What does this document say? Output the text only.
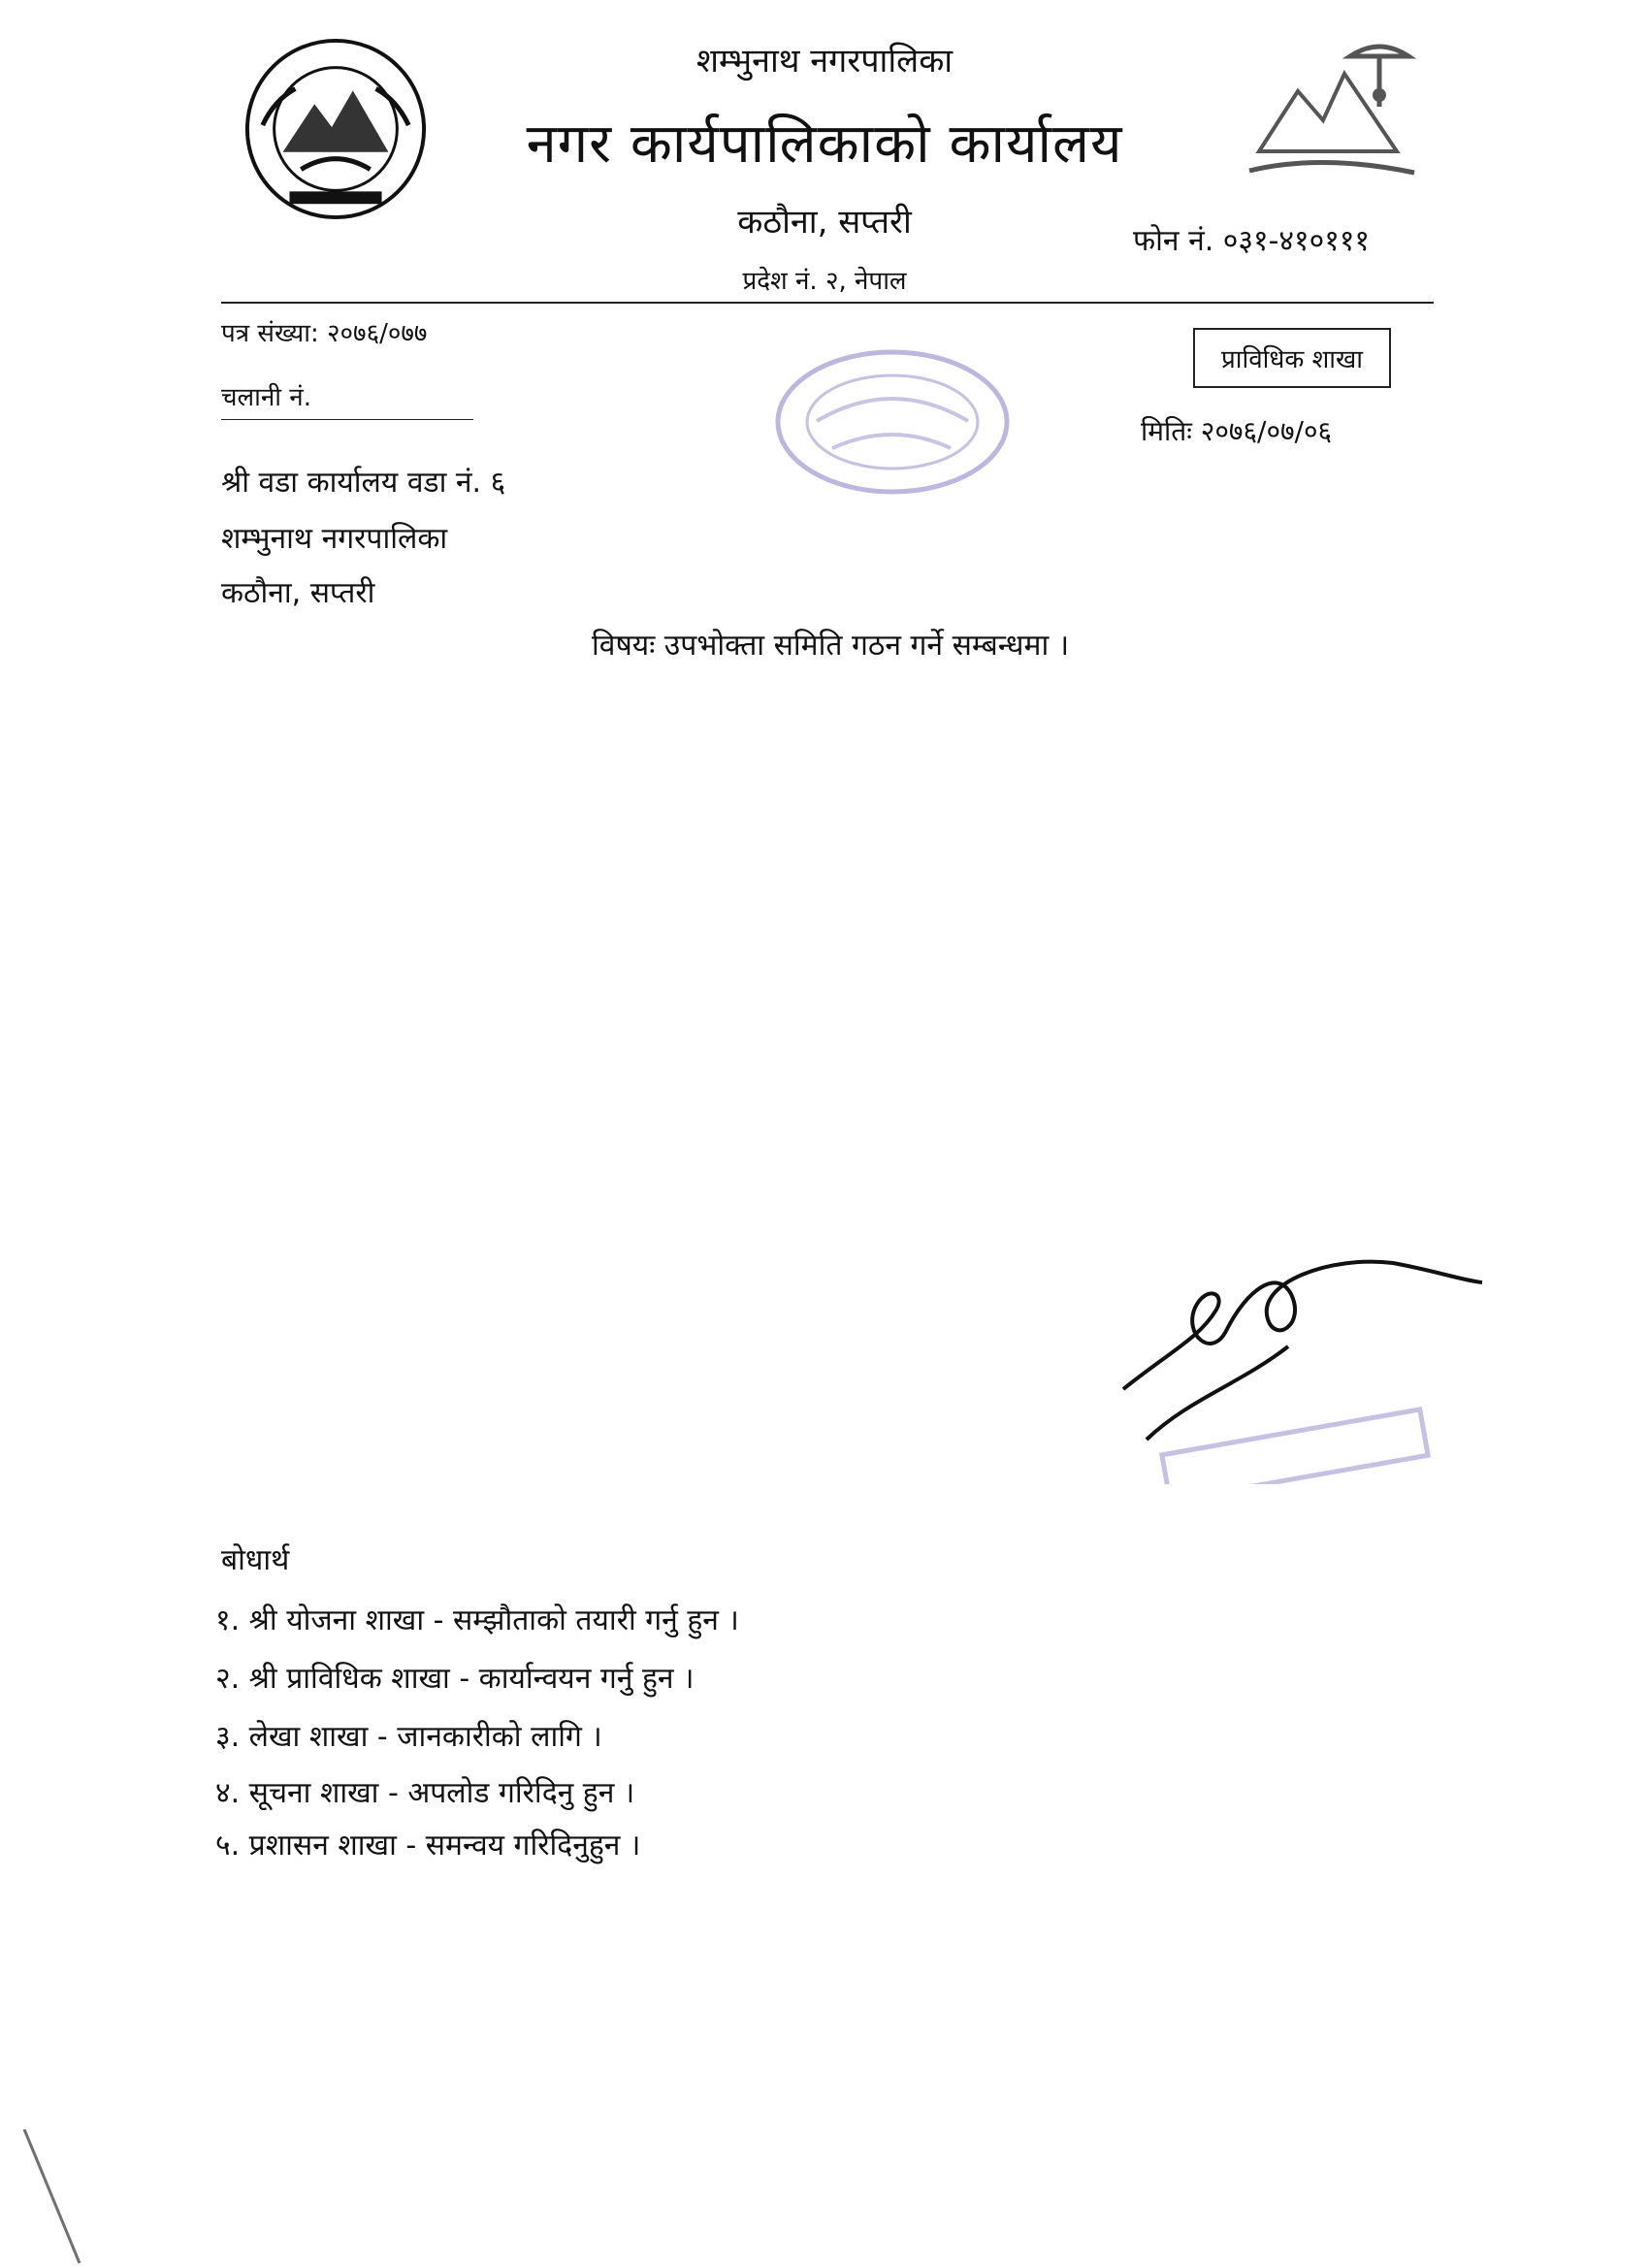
शम्भुनाथ नगरपालिका
नगर कार्यपालिकाको कार्यालय
कठौना, सप्तरी
प्रदेश नं. २, नेपाल
फोन नं. ०३१-४१०१११
पत्र संख्या: २०७६/०७७
चलानी नं.
प्राविधिक शाखा
मितिः २०७६/०७/०६
श्री वडा कार्यालय वडा नं. ६
शम्भुनाथ नगरपालिका
कठौना, सप्तरी
विषयः उपभोक्ता समिति गठन गर्ने सम्बन्धमा ।
बोधार्थ
१. श्री योजना शाखा - सम्झौताको तयारी गर्नु हुन ।
२. श्री प्राविधिक शाखा - कार्यान्वयन गर्नु हुन ।
३. लेखा शाखा - जानकारीको लागि ।
४. सूचना शाखा - अपलोड गरिदिनु हुन ।
५. प्रशासन शाखा - समन्वय गरिदिनुहुन ।
